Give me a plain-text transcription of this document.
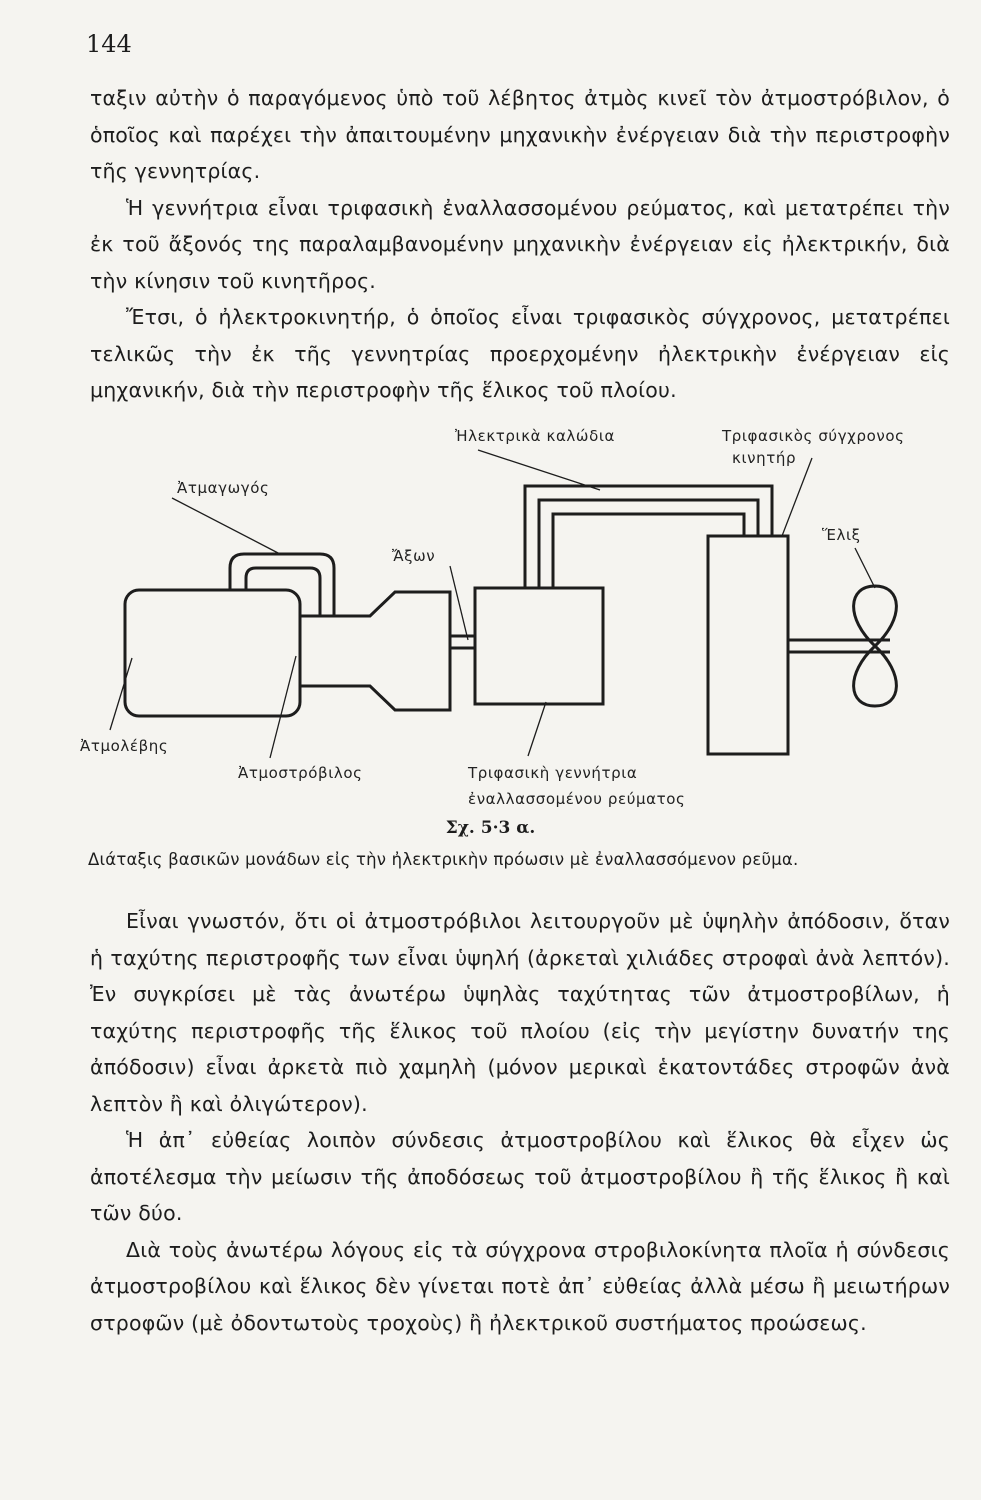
144

ταξιν αὐτὴν ὁ παραγόμενος ὑπὸ τοῦ λέβητος ἀτμὸς κινεῖ τὸν ἀτμοστρόβιλον, ὁ ὁποῖος καὶ παρέχει τὴν ἀπαιτουμένην μηχανικὴν ἐνέργειαν διὰ τὴν περιστροφὴν τῆς γεννητρίας.

Ἡ γεννήτρια εἶναι τριφασικὴ ἐναλλασσομένου ρεύματος, καὶ μετατρέπει τὴν ἐκ τοῦ ἄξονός της παραλαμβανομένην μηχανικὴν ἐνέργειαν εἰς ἠλεκτρικήν, διὰ τὴν κίνησιν τοῦ κινητῆρος.

Ἔτσι, ὁ ἠλεκτροκινητήρ, ὁ ὁποῖος εἶναι τριφασικὸς σύγχρονος, μετατρέπει τελικῶς τὴν ἐκ τῆς γεννητρίας προερχομένην ἠλεκτρικὴν ἐνέργειαν εἰς μηχανικήν, διὰ τὴν περιστροφὴν τῆς ἕλικος τοῦ πλοίου.

Ἠλεκτρικὰ καλώδια	Τριφασικὸς σύγχρονος
κινητήρ
Ἀτμαγωγός
Ἄξων
Ἕλιξ
Ἀτμολέβης
Ἀτμοστρόβιλος	Τριφασικὴ γεννήτρια
ἐναλλασσομένου ρεύματος
Σχ. 5·3 α.
Διάταξις βασικῶν μονάδων εἰς τὴν ἠλεκτρικὴν πρόωσιν μὲ ἐναλλασσόμενον ρεῦμα.

Εἶναι γνωστόν, ὅτι οἱ ἀτμοστρόβιλοι λειτουργοῦν μὲ ὑψηλὴν ἀπόδοσιν, ὅταν ἡ ταχύτης περιστροφῆς των εἶναι ὑψηλή (ἀρκεταὶ χιλιάδες στροφαὶ ἀνὰ λεπτόν). Ἐν συγκρίσει μὲ τὰς ἀνωτέρω ὑψηλὰς ταχύτητας τῶν ἀτμοστροβίλων, ἡ ταχύτης περιστροφῆς τῆς ἕλικος τοῦ πλοίου (εἰς τὴν μεγίστην δυνατήν της ἀπόδοσιν) εἶναι ἀρκετὰ πιὸ χαμηλὴ (μόνον μερικαὶ ἑκατοντάδες στροφῶν ἀνὰ λεπτὸν ἢ καὶ ὀλιγώτερον).

Ἡ ἀπ᾽ εὐθείας λοιπὸν σύνδεσις ἀτμοστροβίλου καὶ ἕλικος θὰ εἶχεν ὡς ἀποτέλεσμα τὴν μείωσιν τῆς ἀποδόσεως τοῦ ἀτμοστροβίλου ἢ τῆς ἕλικος ἢ καὶ τῶν δύο.

Διὰ τοὺς ἀνωτέρω λόγους εἰς τὰ σύγχρονα στροβιλοκίνητα πλοῖα ἡ σύνδεσις ἀτμοστροβίλου καὶ ἕλικος δὲν γίνεται ποτὲ ἀπ᾽ εὐθείας ἀλλὰ μέσω ἢ μειωτήρων στροφῶν (μὲ ὀδοντωτοὺς τροχοὺς) ἢ ἠλεκτρικοῦ συστήματος προώσεως.
